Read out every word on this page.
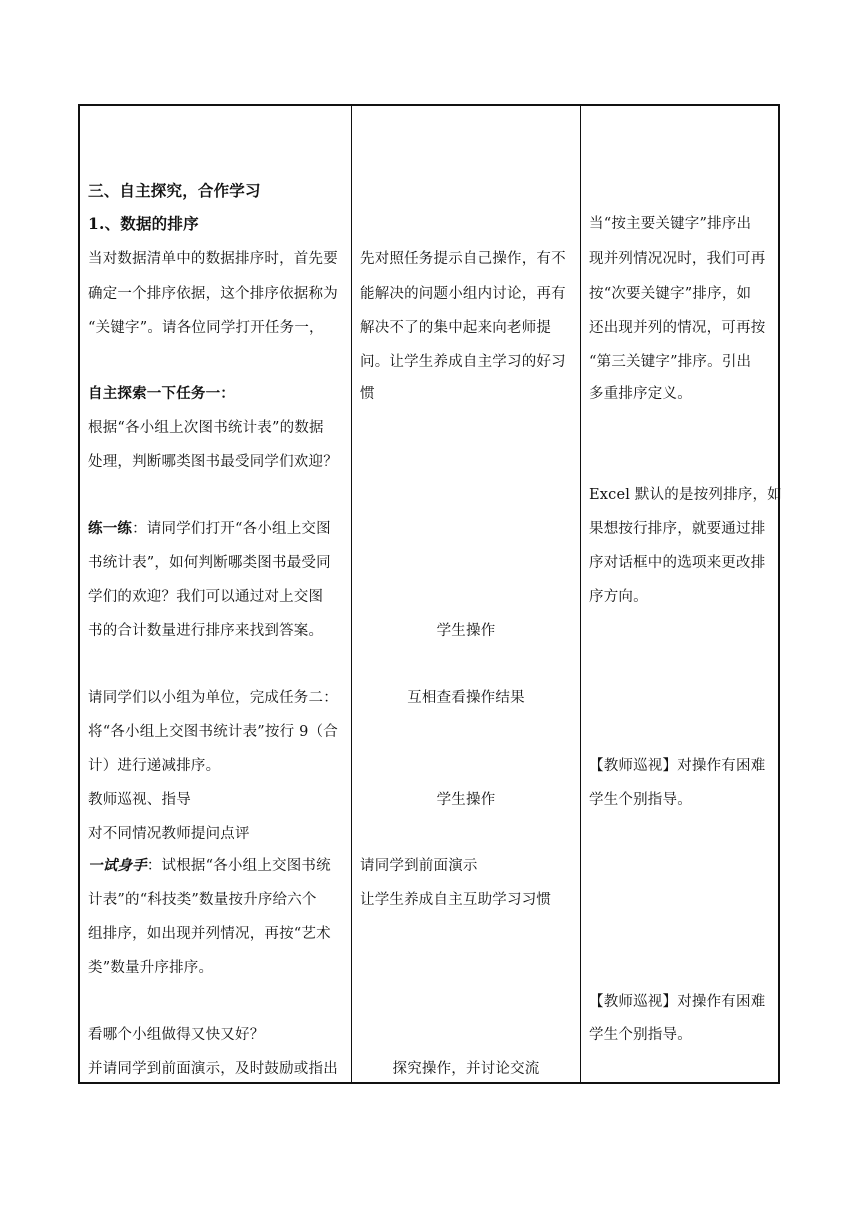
三、自主探究，合作学习
1.、数据的排序
当对数据清单中的数据排序时，首先要
确定一个排序依据，这个排序依据称为
“关键字”。请各位同学打开任务一，
自主探索一下任务一：
根据“各小组上次图书统计表”的数据
处理，判断哪类图书最受同学们欢迎？
练一练：请同学们打开“各小组上交图
书统计表”，如何判断哪类图书最受同
学们的欢迎？我们可以通过对上交图
书的合计数量进行排序来找到答案。
请同学们以小组为单位，完成任务二：
将“各小组上交图书统计表”按行 9（合
计）进行递减排序。
教师巡视、指导
对不同情况教师提问点评
一试身手：试根据“各小组上交图书统
计表”的“科技类”数量按升序给六个
组排序，如出现并列情况，再按“艺术
类”数量升序排序。
看哪个小组做得又快又好？
并请同学到前面演示，及时鼓励或指出
先对照任务提示自己操作，有不
能解决的问题小组内讨论，再有
解决不了的集中起来向老师提
问。让学生养成自主学习的好习
惯
学生操作
互相查看操作结果
学生操作
请同学到前面演示
让学生养成自主互助学习习惯
探究操作，并讨论交流
当“按主要关键字”排序出
现并列情况况时，我们可再
按“次要关键字”排序，如
还出现并列的情况，可再按
“第三关键字”排序。引出
多重排序定义。
Excel 默认的是按列排序，如
果想按行排序，就要通过排
序对话框中的选项来更改排
序方向。
【教师巡视】对操作有困难
学生个别指导。
【教师巡视】对操作有困难
学生个别指导。
